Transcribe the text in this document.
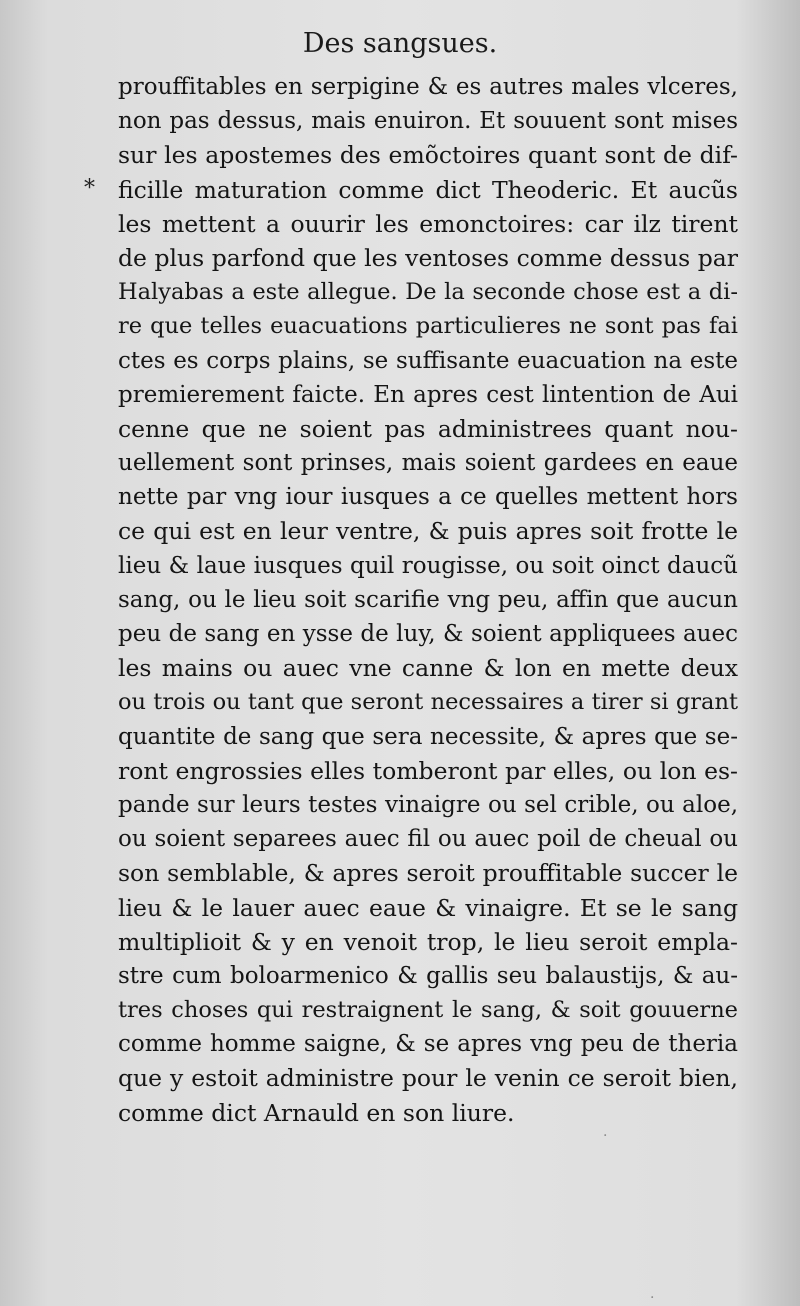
Des sangsues.
*
prouffitables en serpigine & es autres males vlceres,
non pas dessus, mais enuiron. Et souuent sont mises
sur les apostemes des emõctoires quant sont de dif-
ficille maturation comme dict Theoderic. Et aucũs
les mettent a ouurir les emonctoires: car ilz tirent
de plus parfond que les ventoses comme dessus par
Halyabas a este allegue. De la seconde chose est a di-
re que telles euacuations particulieres ne sont pas fai
ctes es corps plains, se suffisante euacuation na este
premierement faicte. En apres cest lintention de Aui
cenne que ne soient pas administrees quant nou-
uellement sont prinses, mais soient gardees en eaue
nette par vng iour iusques a ce quelles mettent hors
ce qui est en leur ventre, & puis apres soit frotte le
lieu & laue iusques quil rougisse, ou soit oinct daucũ
sang, ou le lieu soit scarifie vng peu, affin que aucun
peu de sang en ysse de luy, & soient appliquees auec
les mains ou auec vne canne & lon en mette deux
ou trois ou tant que seront necessaires a tirer si grant
quantite de sang que sera necessite, & apres que se-
ront engrossies elles tomberont par elles, ou lon es-
pande sur leurs testes vinaigre ou sel crible, ou aloe,
ou soient separees auec fil ou auec poil de cheual ou
son semblable, & apres seroit prouffitable succer le
lieu & le lauer auec eaue & vinaigre. Et se le sang
multiplioit & y en venoit trop, le lieu seroit empla-
stre cum boloarmenico & gallis seu balaustijs, & au-
tres choses qui restraignent le sang, & soit gouuerne
comme homme saigne, & se apres vng peu de theria
que y estoit administre pour le venin ce seroit bien,
comme dict Arnauld en son liure.
·
·
